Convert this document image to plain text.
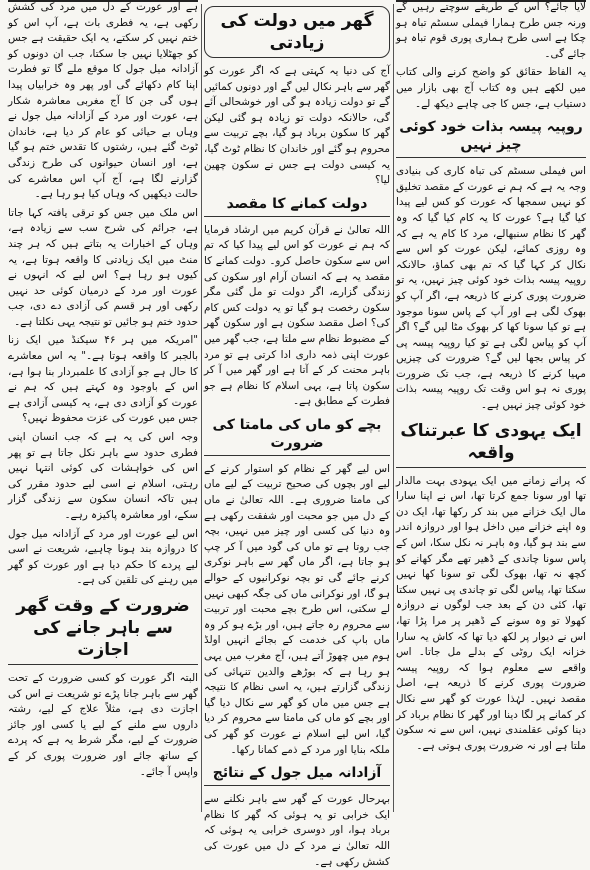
لایا جائے؟ اس کے طریقے سوچتے رہیں گے ورنہ جس طرح ہمارا فیملی سسٹم تباہ ہو چکا ہے اسی طرح ہماری پوری قوم تباہ ہو جائے گی۔

یہ الفاظ حقائق کو واضح کرنے والی کتاب میں لکھے ہیں وہ کتاب آج بھی بازار میں دستیاب ہے، جس کا جی چاہے دیکھ لے۔

روپیہ پیسہ بذات خود کوئی چیز نہیں

اس فیملی سسٹم کی تباہ کاری کی بنیادی وجہ یہ ہے کہ ہم نے عورت کے مقصد تخلیق کو نہیں سمجھا کہ عورت کو کس لیے پیدا کیا گیا ہے؟ عورت کا یہ کام کیا گیا کہ وہ گھر کا نظام سنبھالے، مرد کا کام یہ ہے کہ وہ روزی کمائے، لیکن عورت کو اس سے نکال کر کہا گیا کہ تم بھی کماؤ، حالانکہ روپیہ پیسہ بذات خود کوئی چیز نہیں، یہ تو ضرورت پوری کرنے کا ذریعہ ہے، اگر آپ کو بھوک لگی ہے اور آپ کے پاس سونا موجود ہے تو کیا سونا کھا کر بھوک مٹا لیں گے؟ اگر آپ کو پیاس لگی ہے تو کیا روپیہ پیسہ پی کر پیاس بجھا لیں گے؟ ضرورت کی چیزیں مہیا کرنے کا ذریعہ ہے، جب تک ضرورت پوری نہ ہو اس وقت تک روپیہ پیسہ بذات خود کوئی چیز نہیں ہے۔

ایک یہودی کا عبرتناک واقعہ

کہ پرانے زمانے میں ایک یہودی بہت مالدار تھا اور سونا جمع کرتا تھا، اس نے اپنا سارا مال ایک خزانے میں بند کر رکھا تھا، ایک دن وہ اپنے خزانے میں داخل ہوا اور دروازہ اندر سے بند ہو گیا، وہ باہر نہ نکل سکا، اس کے پاس سونا چاندی کے ڈھیر تھے مگر کھانے کو کچھ نہ تھا، بھوک لگی تو سونا کھا نہیں سکتا تھا، پیاس لگی تو چاندی پی نہیں سکتا تھا، کئی دن کے بعد جب لوگوں نے دروازہ کھولا تو وہ سونے کے ڈھیر پر مرا پڑا تھا، اس نے دیوار پر لکھ دیا تھا کہ کاش یہ سارا خزانہ ایک روٹی کے بدلے مل جاتا۔ اس واقعے سے معلوم ہوا کہ روپیہ پیسہ ضرورت پوری کرنے کا ذریعہ ہے، اصل مقصد نہیں۔ لہٰذا عورت کو گھر سے نکال کر کمانے پر لگا دینا اور گھر کا نظام برباد کر دینا کوئی عقلمندی نہیں، اس سے نہ سکون ملتا ہے اور نہ ضرورت پوری ہوتی ہے۔

گھر میں دولت کی زیادتی

آج کی دنیا یہ کہتی ہے کہ اگر عورت کو گھر سے باہر نکال لیں گے اور دونوں کمائیں گے تو دولت زیادہ ہو گی اور خوشحالی آئے گی، حالانکہ دولت تو زیادہ ہو گئی لیکن گھر کا سکون برباد ہو گیا، بچے تربیت سے محروم ہو گئے اور خاندان کا نظام ٹوٹ گیا، یہ کیسی دولت ہے جس نے سکون چھین لیا؟

دولت کمانے کا مقصد

اللہ تعالیٰ نے قرآن کریم میں ارشاد فرمایا کہ ہم نے عورت کو اس لیے پیدا کیا کہ تم اس سے سکون حاصل کرو۔ دولت کمانے کا مقصد یہ ہے کہ انسان آرام اور سکون کی زندگی گزارے، اگر دولت تو مل گئی مگر سکون رخصت ہو گیا تو یہ دولت کس کام کی؟ اصل مقصد سکون ہے اور سکون گھر کے مضبوط نظام سے ملتا ہے، جب گھر میں عورت اپنی ذمہ داری ادا کرتی ہے تو مرد باہر محنت کر کے آتا ہے اور گھر میں آ کر سکون پاتا ہے، یہی اسلام کا نظام ہے جو فطرت کے مطابق ہے۔

بچے کو ماں کی مامتا کی ضرورت

اس لیے گھر کے نظام کو استوار کرنے کے لیے اور بچوں کی صحیح تربیت کے لیے ماں کی مامتا ضروری ہے۔ اللہ تعالیٰ نے ماں کے دل میں جو محبت اور شفقت رکھی ہے وہ دنیا کی کسی اور چیز میں نہیں، بچہ جب روتا ہے تو ماں کی گود میں آ کر چپ ہو جاتا ہے، اگر ماں گھر سے باہر نوکری کرنے جائے گی تو بچہ نوکرانیوں کے حوالے ہو گا، اور نوکرانی ماں کی جگہ کبھی نہیں لے سکتی، اس طرح بچے محبت اور تربیت سے محروم رہ جاتے ہیں، اور بڑے ہو کر وہ ماں باپ کی خدمت کے بجائے انہیں اولڈ ہوم میں چھوڑ آتے ہیں، آج مغرب میں یہی ہو رہا ہے کہ بوڑھے والدین تنہائی کی زندگی گزارتے ہیں، یہ اسی نظام کا نتیجہ ہے جس میں ماں کو گھر سے نکال دیا گیا اور بچے کو ماں کی مامتا سے محروم کر دیا گیا، اس لیے اسلام نے عورت کو گھر کی ملکہ بنایا اور مرد کے ذمے کمانا رکھا۔

آزادانہ میل جول کے نتائج

بہرحال عورت کے گھر سے باہر نکلنے سے ایک خرابی تو یہ ہوئی کہ گھر کا نظام برباد ہوا، اور دوسری خرابی یہ ہوئی کہ اللہ تعالیٰ نے مرد کے دل میں عورت کی کشش رکھی ہے۔

ہے اور عورت کے دل میں مرد کی کشش رکھی ہے، یہ فطری بات ہے، آپ اس کو ختم نہیں کر سکتے، یہ ایک حقیقت ہے جس کو جھٹلایا نہیں جا سکتا، جب ان دونوں کو آزادانہ میل جول کا موقع ملے گا تو فطرت اپنا کام دکھائے گی اور پھر وہ خرابیاں پیدا ہوں گی جن کا آج مغربی معاشرہ شکار ہے، عورت اور مرد کے آزادانہ میل جول نے وہاں بے حیائی کو عام کر دیا ہے، خاندان ٹوٹ گئے ہیں، رشتوں کا تقدس ختم ہو گیا ہے، اور انسان حیوانوں کی طرح زندگی گزارنے لگا ہے، آج آپ اس معاشرے کی حالت دیکھیں کہ وہاں کیا ہو رہا ہے۔

اس ملک میں جس کو ترقی یافتہ کہا جاتا ہے، جرائم کی شرح سب سے زیادہ ہے، وہاں کے اخبارات یہ بتاتے ہیں کہ ہر چند منٹ میں ایک زیادتی کا واقعہ ہوتا ہے، یہ کیوں ہو رہا ہے؟ اس لیے کہ انہوں نے عورت اور مرد کے درمیان کوئی حد نہیں رکھی اور ہر قسم کی آزادی دے دی، جب حدود ختم ہو جائیں تو نتیجہ یہی نکلتا ہے۔

"امریکہ میں ہر ۴۶ سیکنڈ میں ایک زنا بالجبر کا واقعہ ہوتا ہے۔" یہ اس معاشرے کا حال ہے جو آزادی کا علمبردار بنا ہوا ہے، اس کے باوجود وہ کہتے ہیں کہ ہم نے عورت کو آزادی دی ہے، یہ کیسی آزادی ہے جس میں عورت کی عزت محفوظ نہیں؟

وجہ اس کی یہ ہے کہ جب انسان اپنی فطری حدود سے باہر نکل جاتا ہے تو پھر اس کی خواہشات کی کوئی انتہا نہیں رہتی، اسلام نے اسی لیے حدود مقرر کی ہیں تاکہ انسان سکون سے زندگی گزار سکے، اور معاشرہ پاکیزہ رہے۔

اس لیے عورت اور مرد کے آزادانہ میل جول کا دروازہ بند ہونا چاہیے، شریعت نے اسی لیے پردے کا حکم دیا ہے اور عورت کو گھر میں رہنے کی تلقین کی ہے۔

ضرورت کے وقت گھر سے باہر جانے کی اجازت

البتہ اگر عورت کو کسی ضرورت کے تحت گھر سے باہر جانا پڑے تو شریعت نے اس کی اجازت دی ہے، مثلاً علاج کے لیے، رشتہ داروں سے ملنے کے لیے یا کسی اور جائز ضرورت کے لیے، مگر شرط یہ ہے کہ پردے کے ساتھ جائے اور ضرورت پوری کر کے واپس آ جائے۔
